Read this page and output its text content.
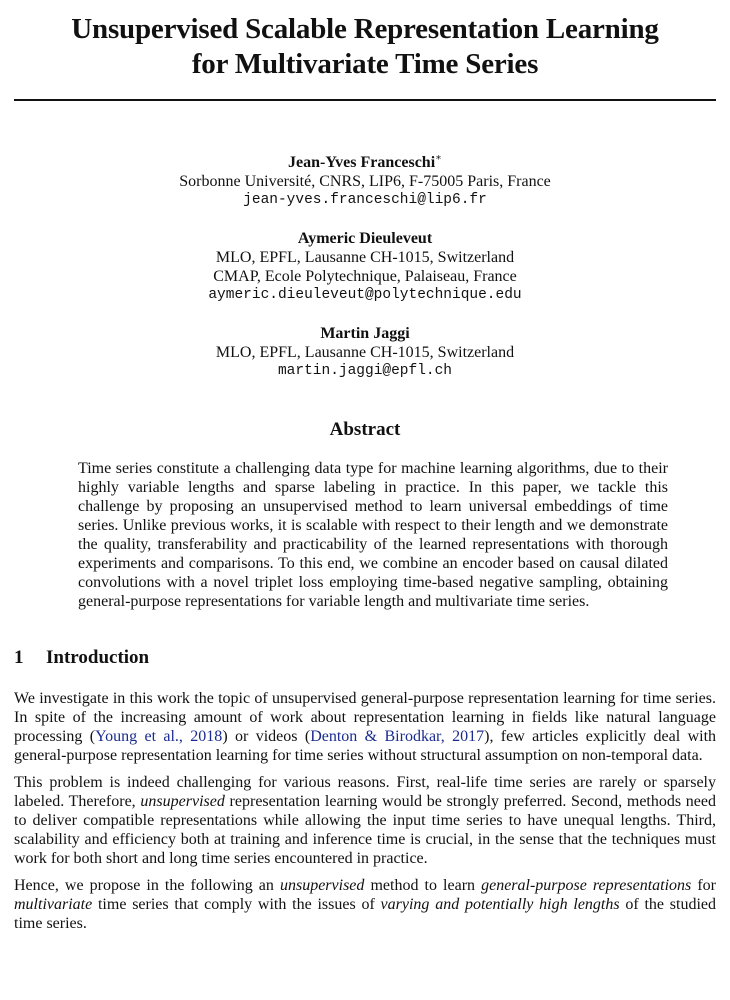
Unsupervised Scalable Representation Learning
for Multivariate Time Series
Jean-Yves Franceschi∗
Sorbonne Université, CNRS, LIP6, F-75005 Paris, France
jean-yves.franceschi@lip6.fr
Aymeric Dieuleveut
MLO, EPFL, Lausanne CH-1015, Switzerland
CMAP, Ecole Polytechnique, Palaiseau, France
aymeric.dieuleveut@polytechnique.edu
Martin Jaggi
MLO, EPFL, Lausanne CH-1015, Switzerland
martin.jaggi@epfl.ch
Abstract

Time series constitute a challenging data type for machine learning algorithms, due to their highly variable lengths and sparse labeling in practice. In this paper, we tackle this challenge by proposing an unsupervised method to learn universal embeddings of time series. Unlike previous works, it is scalable with respect to their length and we demonstrate the quality, transferability and practicability of the learned representations with thorough experiments and comparisons. To this end, we combine an encoder based on causal dilated convolutions with a novel triplet loss employing time-based negative sampling, obtaining general-purpose representations for variable length and multivariate time series.

1 Introduction

We investigate in this work the topic of unsupervised general-purpose representation learning for time series. In spite of the increasing amount of work about representation learning in fields like natural language processing (Young et al., 2018) or videos (Denton & Birodkar, 2017), few articles explicitly deal with general-purpose representation learning for time series without structural assumption on non-temporal data.

This problem is indeed challenging for various reasons. First, real-life time series are rarely or sparsely labeled. Therefore, unsupervised representation learning would be strongly preferred. Second, methods need to deliver compatible representations while allowing the input time series to have unequal lengths. Third, scalability and efficiency both at training and inference time is crucial, in the sense that the techniques must work for both short and long time series encountered in practice.

Hence, we propose in the following an unsupervised method to learn general-purpose representations for multivariate time series that comply with the issues of varying and potentially high lengths of the studied time series.
